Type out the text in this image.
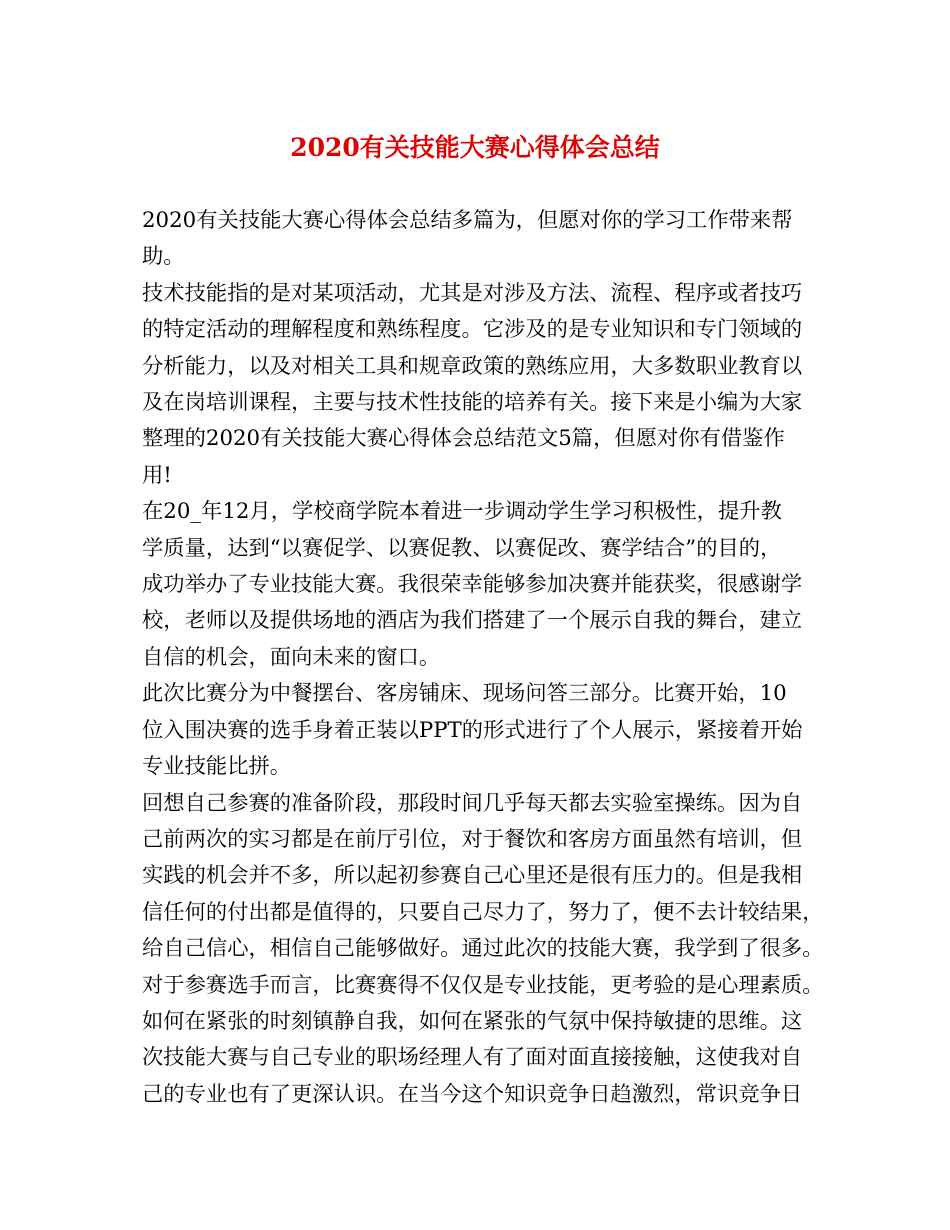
2020有关技能大赛心得体会总结
2020有关技能大赛心得体会总结多篇为，但愿对你的学习工作带来帮
助。
技术技能指的是对某项活动，尤其是对涉及方法、流程、程序或者技巧
的特定活动的理解程度和熟练程度。它涉及的是专业知识和专门领域的
分析能力，以及对相关工具和规章政策的熟练应用，大多数职业教育以
及在岗培训课程，主要与技术性技能的培养有关。接下来是小编为大家
整理的2020有关技能大赛心得体会总结范文5篇，但愿对你有借鉴作
用!
在20_年12月，学校商学院本着进一步调动学生学习积极性，提升教
学质量，达到“以赛促学、以赛促教、以赛促改、赛学结合”的目的，
成功举办了专业技能大赛。我很荣幸能够参加决赛并能获奖，很感谢学
校，老师以及提供场地的酒店为我们搭建了一个展示自我的舞台，建立
自信的机会，面向未来的窗口。
此次比赛分为中餐摆台、客房铺床、现场问答三部分。比赛开始，10
位入围决赛的选手身着正装以PPT的形式进行了个人展示，紧接着开始
专业技能比拼。
回想自己参赛的准备阶段，那段时间几乎每天都去实验室操练。因为自
己前两次的实习都是在前厅引位，对于餐饮和客房方面虽然有培训，但
实践的机会并不多，所以起初参赛自己心里还是很有压力的。但是我相
信任何的付出都是值得的，只要自己尽力了，努力了，便不去计较结果，
给自己信心，相信自己能够做好。通过此次的技能大赛，我学到了很多。
对于参赛选手而言，比赛赛得不仅仅是专业技能，更考验的是心理素质。
如何在紧张的时刻镇静自我，如何在紧张的气氛中保持敏捷的思维。这
次技能大赛与自己专业的职场经理人有了面对面直接接触，这使我对自
己的专业也有了更深认识。在当今这个知识竞争日趋激烈，常识竞争日
